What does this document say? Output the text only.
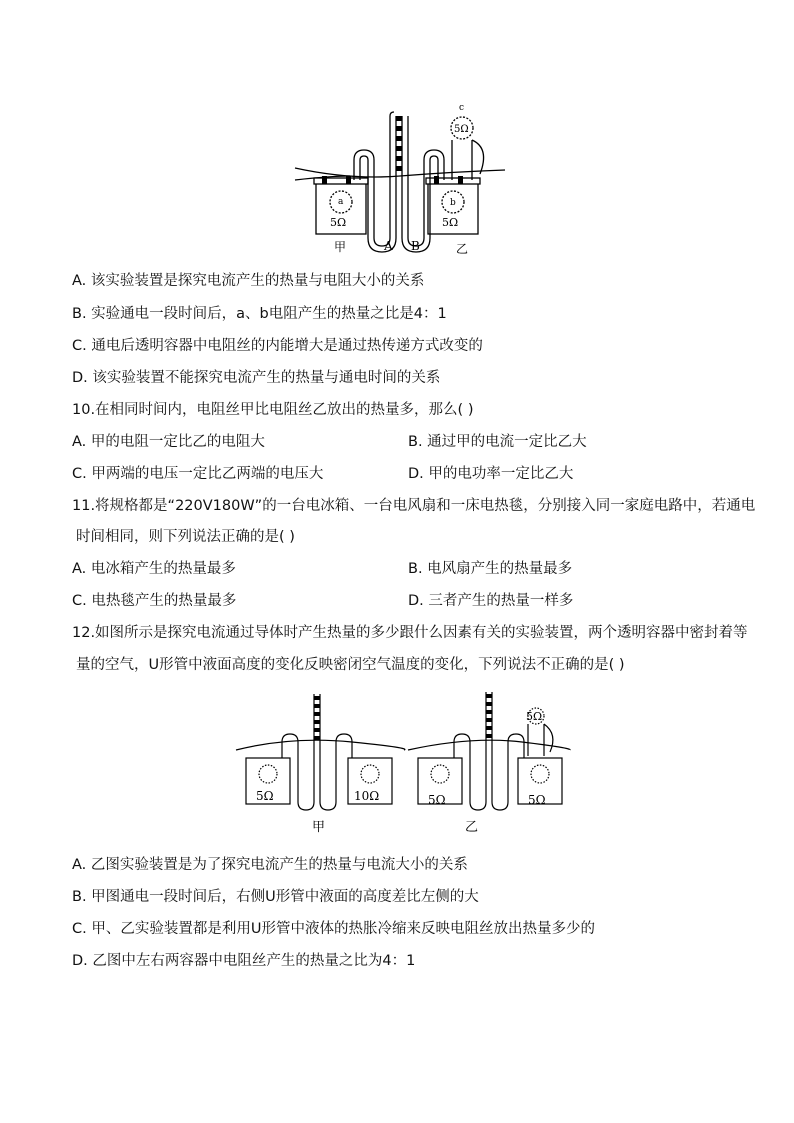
a	b
c
5Ω	5Ω
5Ω
甲	A B	乙
A. 该实验装置是探究电流产生的热量与电阻大小的关系
B. 实验通电一段时间后，a、b电阻产生的热量之比是4：1
C. 通电后透明容器中电阻丝的内能增大是通过热传递方式改变的
D. 该实验装置不能探究电流产生的热量与通电时间的关系
10.在相同时间内，电阻丝甲比电阻丝乙放出的热量多，那么( )
A. 甲的电阻一定比乙的电阻大	B. 通过甲的电流一定比乙大
C. 甲两端的电压一定比乙两端的电压大	D. 甲的电功率一定比乙大
11.将规格都是“220V180W”的一台电冰箱、一台电风扇和一床电热毯，分别接入同一家庭电路中，若通电
时间相同，则下列说法正确的是( )
A. 电冰箱产生的热量最多	B. 电风扇产生的热量最多
C. 电热毯产生的热量最多	D. 三者产生的热量一样多
12.如图所示是探究电流通过导体时产生热量的多少跟什么因素有关的实验装置，两个透明容器中密封着等
量的空气，U形管中液面高度的变化反映密闭空气温度的变化，下列说法不正确的是( )
5Ω	10Ω	5Ω	5Ω
5Ω
甲	乙
A. 乙图实验装置是为了探究电流产生的热量与电流大小的关系
B. 甲图通电一段时间后，右侧U形管中液面的高度差比左侧的大
C. 甲、乙实验装置都是利用U形管中液体的热胀冷缩来反映电阻丝放出热量多少的
D. 乙图中左右两容器中电阻丝产生的热量之比为4：1
